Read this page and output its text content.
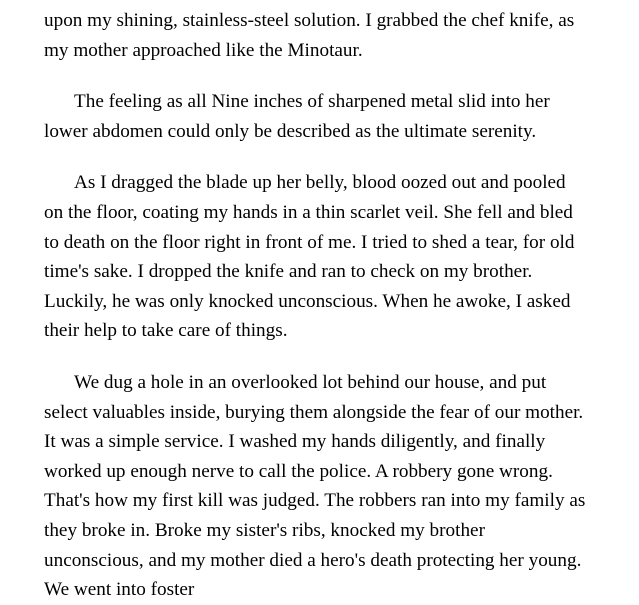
upon my shining, stainless-steel solution. I grabbed the chef knife, as my mother approached like the Minotaur.

The feeling as all Nine inches of sharpened metal slid into her lower abdomen could only be described as the ultimate serenity.

As I dragged the blade up her belly, blood oozed out and pooled on the floor, coating my hands in a thin scarlet veil. She fell and bled to death on the floor right in front of me. I tried to shed a tear, for old time's sake. I dropped the knife and ran to check on my brother. Luckily, he was only knocked unconscious. When he awoke, I asked their help to take care of things.

We dug a hole in an overlooked lot behind our house, and put select valuables inside, burying them alongside the fear of our mother. It was a simple service. I washed my hands diligently, and finally worked up enough nerve to call the police. A robbery gone wrong. That's how my first kill was judged. The robbers ran into my family as they broke in. Broke my sister's ribs, knocked my brother unconscious, and my mother died a hero's death protecting her young. We went into foster
